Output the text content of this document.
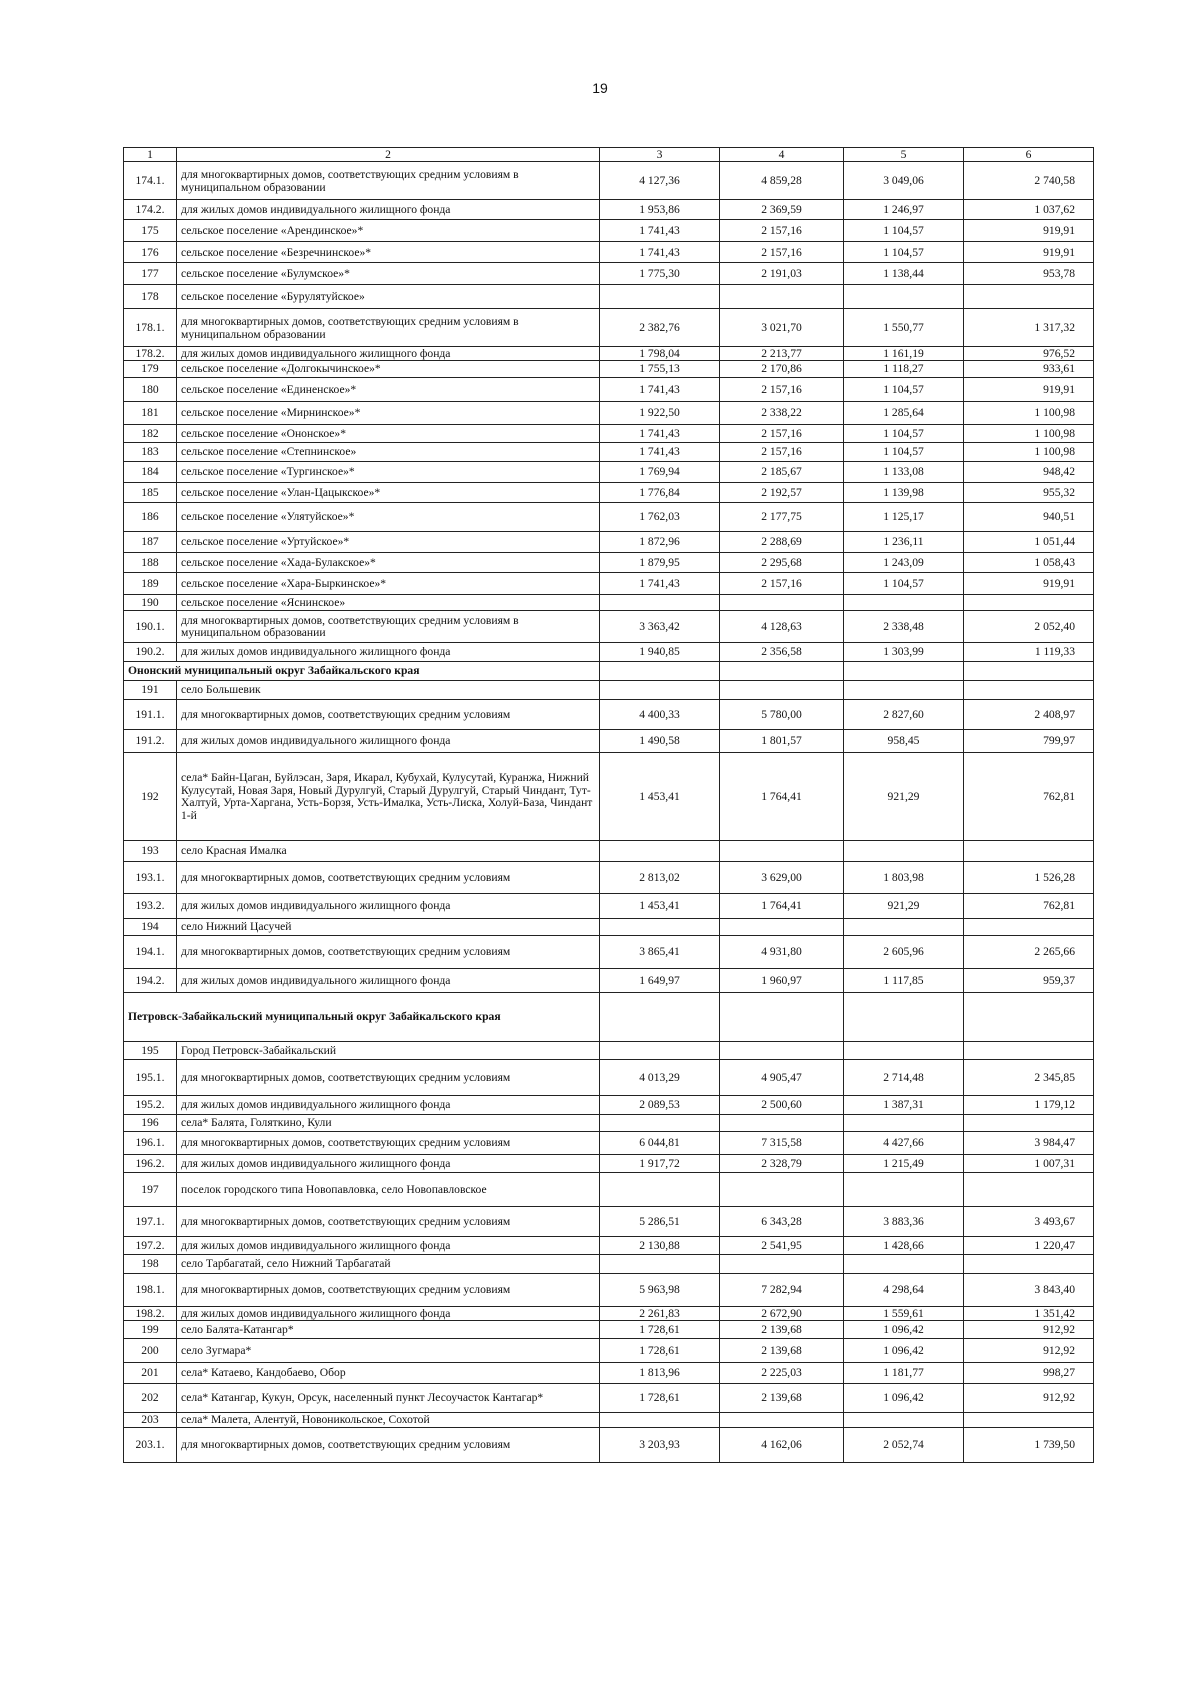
19
1	2	3	4	5	6
174.1.	для многоквартирных домов, соответствующих средним условиям в муниципальном образовании	4 127,36	4 859,28	3 049,06	2 740,58
174.2.	для жилых домов индивидуального жилищного фонда	1 953,86	2 369,59	1 246,97	1 037,62
175	сельское поселение «Арендинское»*	1 741,43	2 157,16	1 104,57	919,91
176	сельское поселение «Безречнинское»*	1 741,43	2 157,16	1 104,57	919,91
177	сельское поселение «Булумское»*	1 775,30	2 191,03	1 138,44	953,78
178	сельское поселение «Бурулятуйское»				
178.1.	для многоквартирных домов, соответствующих средним условиям в муниципальном образовании	2 382,76	3 021,70	1 550,77	1 317,32
178.2.	для жилых домов индивидуального жилищного фонда	1 798,04	2 213,77	1 161,19	976,52
179	сельское поселение «Долгокычинское»*	1 755,13	2 170,86	1 118,27	933,61
180	сельское поселение «Единенское»*	1 741,43	2 157,16	1 104,57	919,91
181	сельское поселение «Мирнинское»*	1 922,50	2 338,22	1 285,64	1 100,98
182	сельское поселение «Ононское»*	1 741,43	2 157,16	1 104,57	1 100,98
183	сельское поселение «Степнинское»	1 741,43	2 157,16	1 104,57	1 100,98
184	сельское поселение «Тургинское»*	1 769,94	2 185,67	1 133,08	948,42
185	сельское поселение «Улан-Цацыкское»*	1 776,84	2 192,57	1 139,98	955,32
186	сельское поселение «Улятуйское»*	1 762,03	2 177,75	1 125,17	940,51
187	сельское поселение «Уртуйское»*	1 872,96	2 288,69	1 236,11	1 051,44
188	сельское поселение «Хада-Булакское»*	1 879,95	2 295,68	1 243,09	1 058,43
189	сельское поселение «Хара-Быркинское»*	1 741,43	2 157,16	1 104,57	919,91
190	сельское поселение «Яснинское»				
190.1.	для многоквартирных домов, соответствующих средним условиям в муниципальном образовании	3 363,42	4 128,63	2 338,48	2 052,40
190.2.	для жилых домов индивидуального жилищного фонда	1 940,85	2 356,58	1 303,99	1 119,33
Ононский муниципальный округ Забайкальского края					
191	село Большевик				
191.1.	для многоквартирных домов, соответствующих средним условиям	4 400,33	5 780,00	2 827,60	2 408,97
191.2.	для жилых домов индивидуального жилищного фонда	1 490,58	1 801,57	958,45	799,97
192	села* Байн-Цаган, Буйлэсан, Заря, Икарал, Кубухай, Кулусутай, Куранжа, Нижний Кулусутай, Новая Заря, Новый Дурулгуй, Старый Дурулгуй, Старый Чиндант, Тут-Халтуй, Урта-Харгана, Усть-Борзя, Усть-Ималка, Усть-Лиска, Холуй-База, Чиндант 1-й	1 453,41	1 764,41	921,29	762,81
193	село Красная Ималка				
193.1.	для многоквартирных домов, соответствующих средним условиям	2 813,02	3 629,00	1 803,98	1 526,28
193.2.	для жилых домов индивидуального жилищного фонда	1 453,41	1 764,41	921,29	762,81
194	село Нижний Цасучей				
194.1.	для многоквартирных домов, соответствующих средним условиям	3 865,41	4 931,80	2 605,96	2 265,66
194.2.	для жилых домов индивидуального жилищного фонда	1 649,97	1 960,97	1 117,85	959,37
Петровск-Забайкальский муниципальный округ Забайкальского края					
195	Город Петровск-Забайкальский				
195.1.	для многоквартирных домов, соответствующих средним условиям	4 013,29	4 905,47	2 714,48	2 345,85
195.2.	для жилых домов индивидуального жилищного фонда	2 089,53	2 500,60	1 387,31	1 179,12
196	села* Балята, Голяткино, Кули				
196.1.	для многоквартирных домов, соответствующих средним условиям	6 044,81	7 315,58	4 427,66	3 984,47
196.2.	для жилых домов индивидуального жилищного фонда	1 917,72	2 328,79	1 215,49	1 007,31
197	поселок городского типа Новопавловка, село Новопавловское				
197.1.	для многоквартирных домов, соответствующих средним условиям	5 286,51	6 343,28	3 883,36	3 493,67
197.2.	для жилых домов индивидуального жилищного фонда	2 130,88	2 541,95	1 428,66	1 220,47
198	село Тарбагатай, село Нижний Тарбагатай				
198.1.	для многоквартирных домов, соответствующих средним условиям	5 963,98	7 282,94	4 298,64	3 843,40
198.2.	для жилых домов индивидуального жилищного фонда	2 261,83	2 672,90	1 559,61	1 351,42
199	село Балята-Катангар*	1 728,61	2 139,68	1 096,42	912,92
200	село Зугмара*	1 728,61	2 139,68	1 096,42	912,92
201	села* Катаево, Кандобаево, Обор	1 813,96	2 225,03	1 181,77	998,27
202	села* Катангар, Кукун, Орсук, населенный пункт Лесоучасток Кантагар*	1 728,61	2 139,68	1 096,42	912,92
203	села* Малета, Алентуй, Новоникольское, Сохотой				
203.1.	для многоквартирных домов, соответствующих средним условиям	3 203,93	4 162,06	2 052,74	1 739,50
